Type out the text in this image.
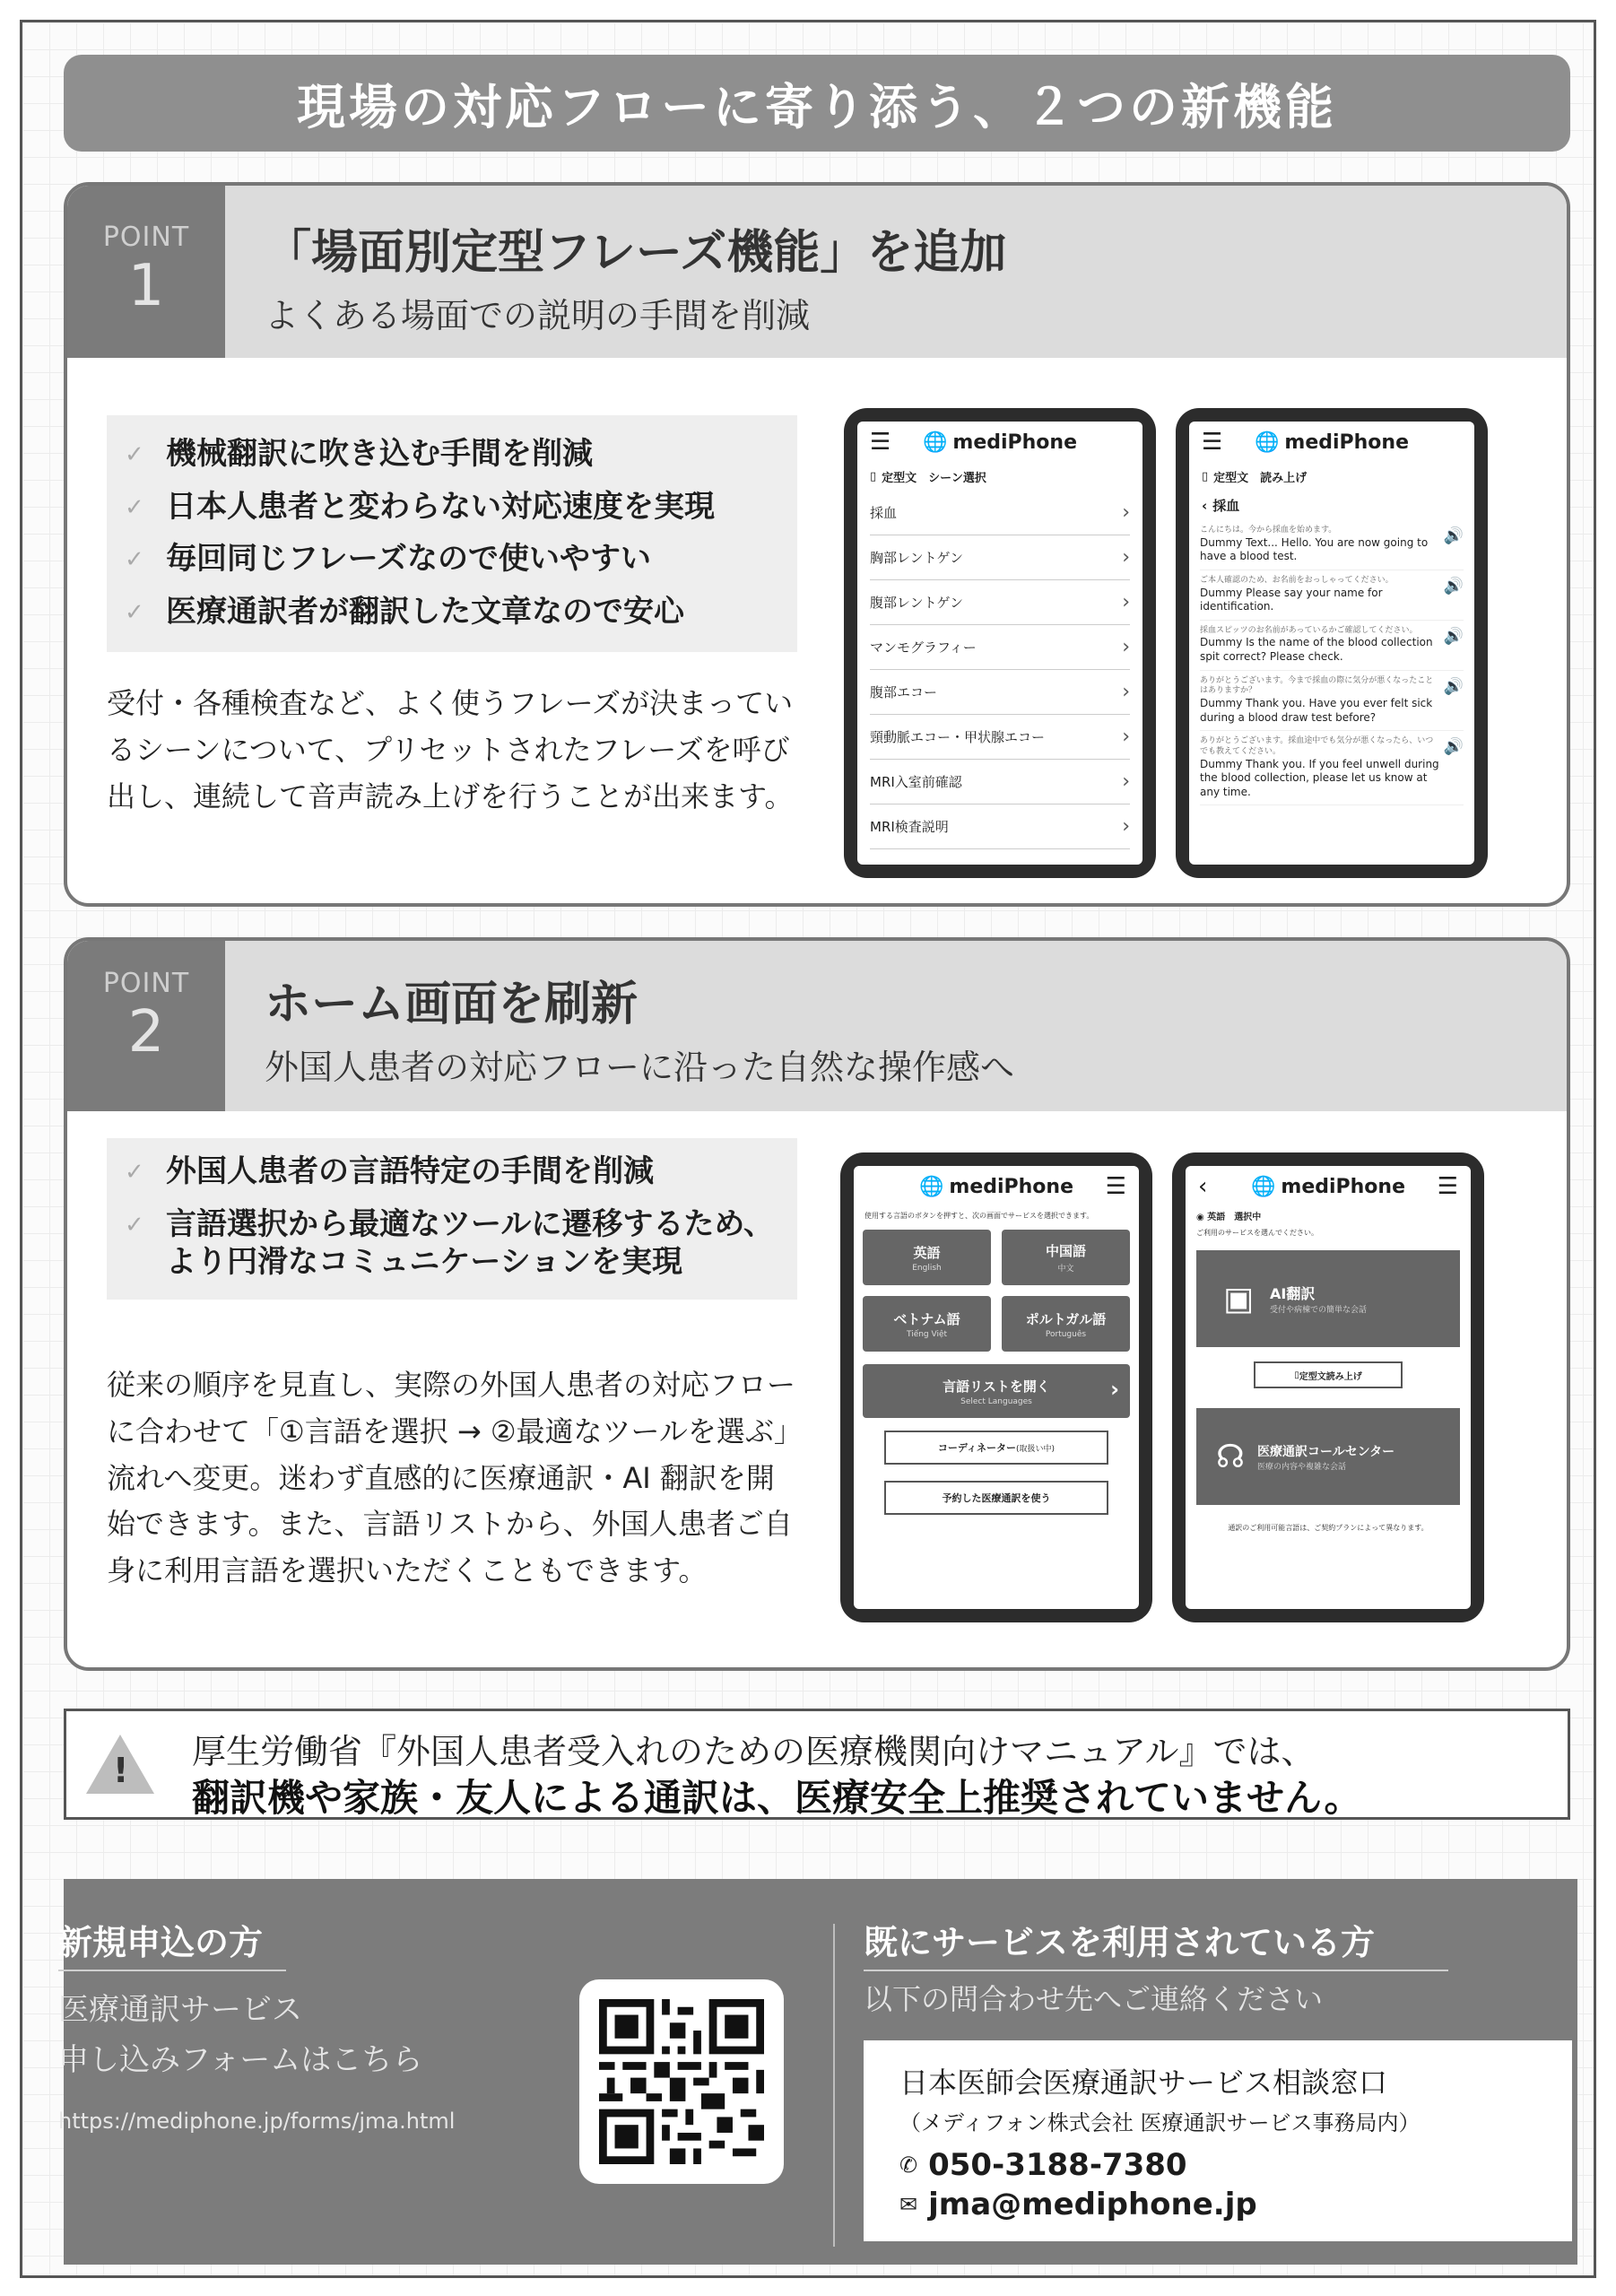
現場の対応フローに寄り添う、２つの新機能
POINT
1	「場面別定型フレーズ機能」を追加
よくある場面での説明の手間を削減
✓ 機械翻訳に吹き込む手間を削減
✓ 日本人患者と変わらない対応速度を実現
✓ 毎回同じフレーズなので使いやすい
✓ 医療通訳者が翻訳した文章なので安心
受付・各種検査など、よく使うフレーズが決まっているシーンについて、プリセットされたフレーズを呼び出し、連続して音声読み上げを行うことが出来ます。
☰ 🌐 mediPhone
▯ 定型文　シーン選択
採血	›
胸部レントゲン	›
腹部レントゲン	›
マンモグラフィー	›
腹部エコー	›
頸動脈エコー・甲状腺エコー	›
MRI入室前確認	›
MRI検査説明	›
☰ 🌐 mediPhone
▯ 定型文　読み上げ
‹ 採血
こんにちは。今から採血を始めます。
Dummy Text... Hello. You are now going to have a blood test.
🔊
ご本人確認のため、お名前をおっしゃってください。
Dummy Please say your name for identification.
🔊
採血スピッツのお名前があっているかご確認してください。
Dummy Is the name of the blood collection spit correct? Please check.
🔊
ありがとうございます。今まで採血の際に気分が悪くなったことはありますか？
Dummy Thank you. Have you ever felt sick during a blood draw test before?
🔊
ありがとうございます。採血途中でも気分が悪くなったら、いつでも教えてください。
Dummy Thank you. If you feel unwell during the blood collection, please let us know at any time.
🔊
POINT
2	ホーム画面を刷新
外国人患者の対応フローに沿った自然な操作感へ
✓ 外国人患者の言語特定の手間を削減
✓ 言語選択から最適なツールに遷移するため、より円滑なコミュニケーションを実現
従来の順序を見直し、実際の外国人患者の対応フローに合わせて「①言語を選択 → ②最適なツールを選ぶ」流れへ変更。迷わず直感的に医療通訳・AI 翻訳を開始できます。また、言語リストから、外国人患者ご自身に利用言語を選択いただくこともできます。
🌐 mediPhone ☰
使用する言語のボタンを押すと、次の画面でサービスを選択できます。
英語
English
中国語
中文
ベトナム語
Tiếng Việt
ポルトガル語
Português
言語リストを開く
Select Languages	›
コーディネーター (取扱い中)
予約した医療通訳を使う
‹ 🌐 mediPhone ☰
◉ 英語　選択中
ご利用のサービスを選んでください。
▣ AI翻訳
受付や病棟での簡単な会話
▯ 定型文読み上げ
☊ 医療通訳コールセンター
医療の内容や複雑な会話
通訳のご利用可能言語は、ご契約プランによって異なります。
! 厚生労働省『外国人患者受入れのための医療機関向けマニュアル』では、
翻訳機や家族・友人による通訳は、医療安全上推奨されていません。
新規申込の方
医療通訳サービス
申し込みフォームはこちら
https://mediphone.jp/forms/jma.html
既にサービスを利用されている方
以下の問合わせ先へご連絡ください
日本医師会医療通訳サービス相談窓口
（メディフォン株式会社 医療通訳サービス事務局内）
✆ 050-3188-7380
✉ jma@mediphone.jp
